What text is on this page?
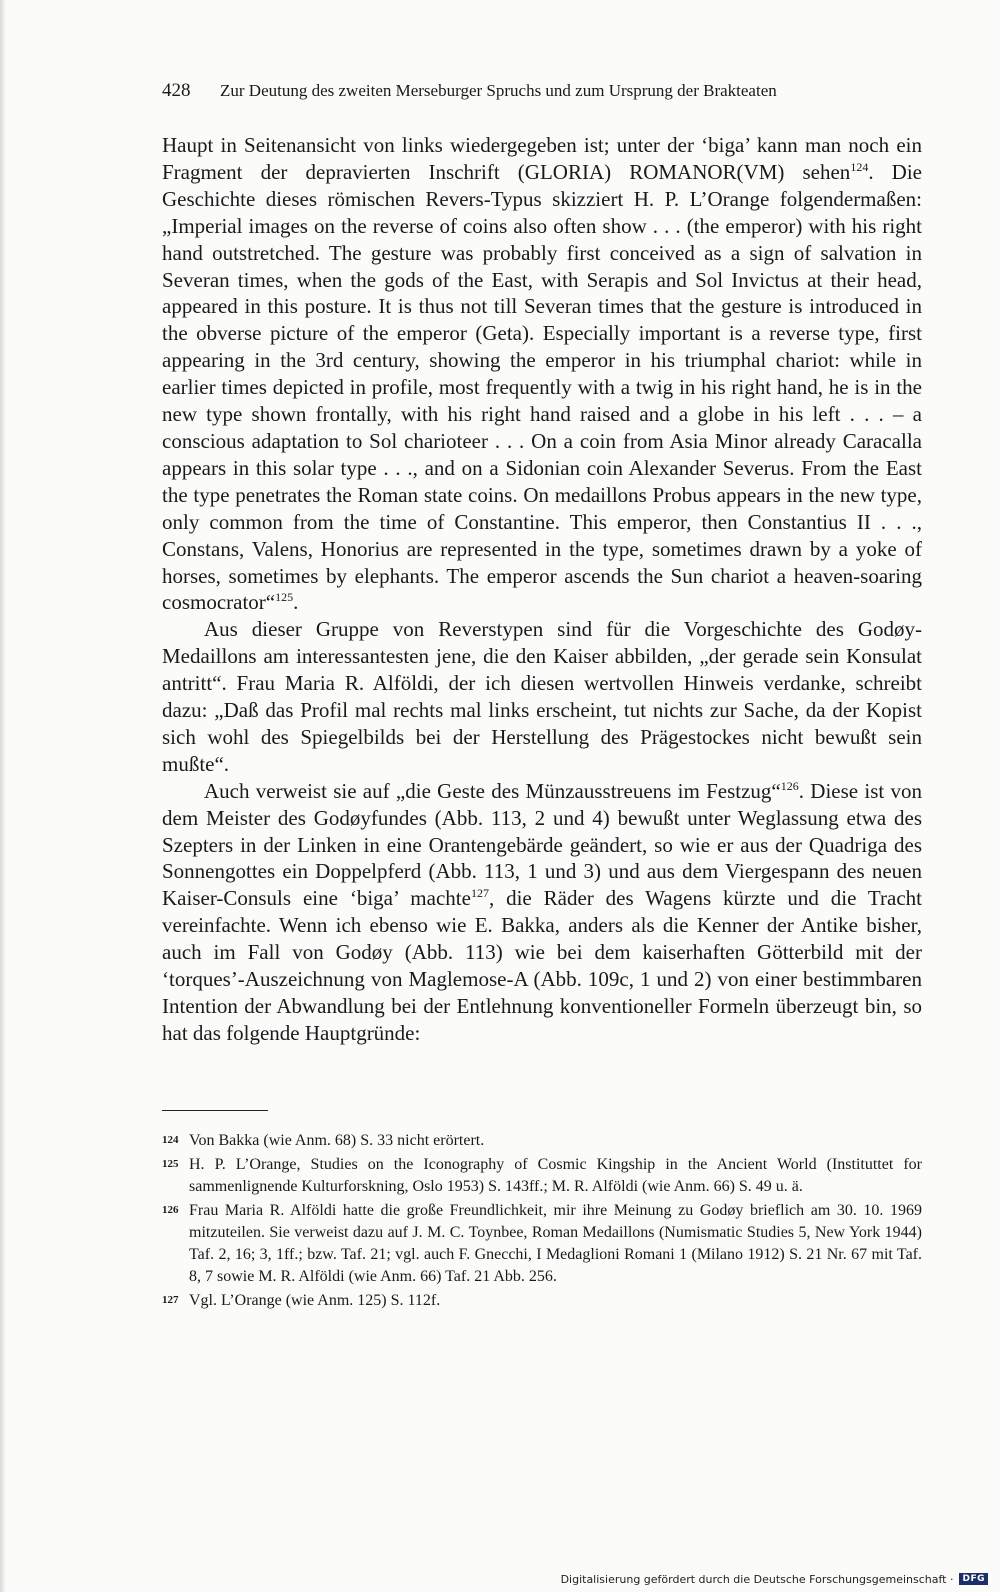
428 Zur Deutung des zweiten Merseburger Spruchs und zum Ursprung der Brakteaten

Haupt in Seitenansicht von links wiedergegeben ist; unter der ‘biga’ kann man noch ein Fragment der depravierten Inschrift (GLORIA) ROMANOR(VM) sehen$^{124}$. Die Geschichte dieses römischen Revers-Typus skizziert H. P. L’Orange folgendermaßen: „Imperial images on the reverse of coins also often show . . . (the emperor) with his right hand outstretched. The gesture was probably first conceived as a sign of salvation in Severan times, when the gods of the East, with Serapis and Sol Invictus at their head, appeared in this posture. It is thus not till Severan times that the gesture is introduced in the obverse picture of the emperor (Geta). Especially important is a reverse type, first appearing in the 3rd century, showing the emperor in his triumphal chariot: while in earlier times depicted in profile, most frequently with a twig in his right hand, he is in the new type shown frontally, with his right hand raised and a globe in his left . . . – a conscious adaptation to Sol charioteer . . . On a coin from Asia Minor already Caracalla appears in this solar type . . ., and on a Sidonian coin Alexander Severus. From the East the type penetrates the Roman state coins. On medaillons Probus appears in the new type, only common from the time of Constantine. This emperor, then Constantius II . . ., Constans, Valens, Honorius are represented in the type, sometimes drawn by a yoke of horses, sometimes by elephants. The emperor ascends the Sun chariot a heaven-soaring cosmocrator“$^{125}$.

Aus dieser Gruppe von Reverstypen sind für die Vorgeschichte des Godøy-Medaillons am interessantesten jene, die den Kaiser abbilden, „der gerade sein Konsulat antritt“. Frau Maria R. Alföldi, der ich diesen wertvollen Hinweis verdanke, schreibt dazu: „Daß das Profil mal rechts mal links erscheint, tut nichts zur Sache, da der Kopist sich wohl des Spiegelbilds bei der Herstellung des Prägestockes nicht bewußt sein mußte“.

Auch verweist sie auf „die Geste des Münzausstreuens im Festzug“$^{126}$. Diese ist von dem Meister des Godøyfundes (Abb. 113, 2 und 4) bewußt unter Weglassung etwa des Szepters in der Linken in eine Orantengebärde geändert, so wie er aus der Quadriga des Sonnengottes ein Doppelpferd (Abb. 113, 1 und 3) und aus dem Viergespann des neuen Kaiser-Consuls eine ‘biga’ machte$^{127}$, die Räder des Wagens kürzte und die Tracht vereinfachte. Wenn ich ebenso wie E. Bakka, anders als die Kenner der Antike bisher, auch im Fall von Godøy (Abb. 113) wie bei dem kaiserhaften Götterbild mit der ‘torques’-Auszeichnung von Maglemose-A (Abb. 109c, 1 und 2) von einer bestimmbaren Intention der Abwandlung bei der Entlehnung konventioneller Formeln überzeugt bin, so hat das folgende Hauptgründe:

124 Von Bakka (wie Anm. 68) S. 33 nicht erörtert.
125 H. P. L’Orange, Studies on the Iconography of Cosmic Kingship in the Ancient World (Instituttet for sammenlignende Kulturforskning, Oslo 1953) S. 143ff.; M. R. Alföldi (wie Anm. 66) S. 49 u. ä.
126 Frau Maria R. Alföldi hatte die große Freundlichkeit, mir ihre Meinung zu Godøy brieflich am 30. 10. 1969 mitzuteilen. Sie verweist dazu auf J. M. C. Toynbee, Roman Medaillons (Numismatic Studies 5, New York 1944) Taf. 2, 16; 3, 1ff.; bzw. Taf. 21; vgl. auch F. Gnecchi, I Medaglioni Romani 1 (Milano 1912) S. 21 Nr. 67 mit Taf. 8, 7 sowie M. R. Alföldi (wie Anm. 66) Taf. 21 Abb. 256.
127 Vgl. L’Orange (wie Anm. 125) S. 112f.
Digitalisierung gefördert durch die Deutsche Forschungsgemeinschaft ·	DFG
